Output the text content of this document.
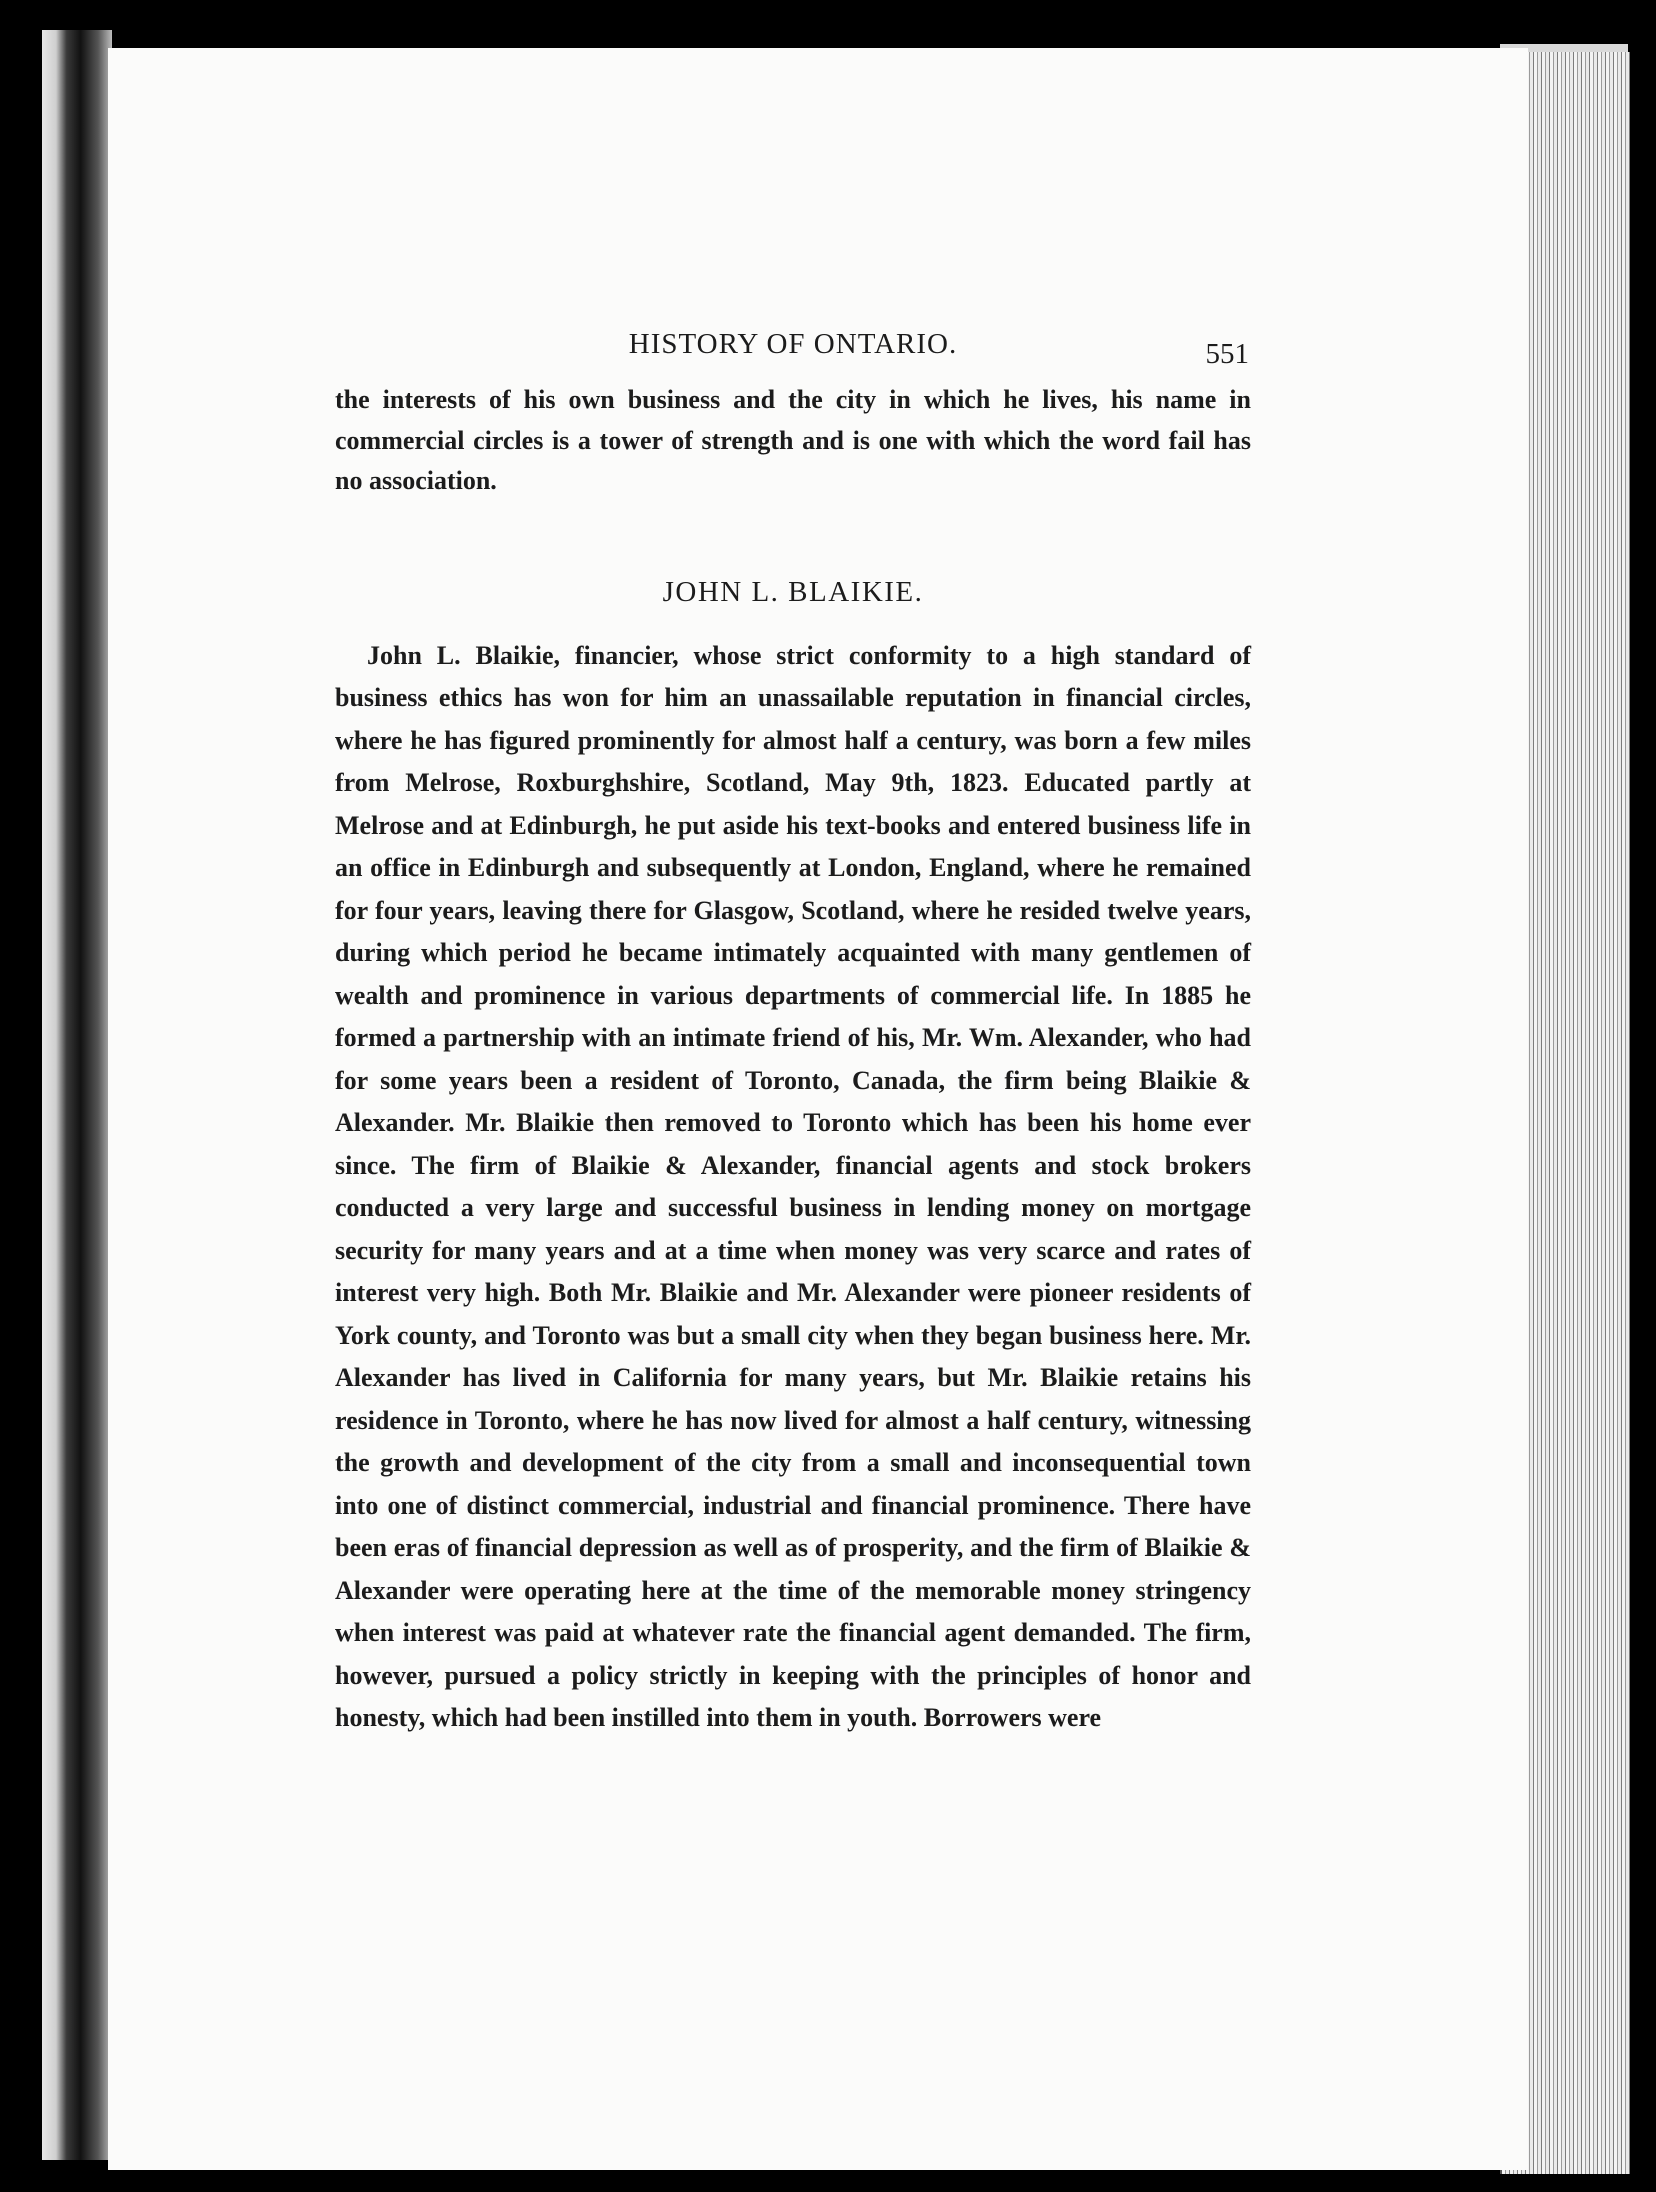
HISTORY OF ONTARIO.	551

the interests of his own business and the city in which he lives, his name in commercial circles is a tower of strength and is one with which the word fail has no association.

JOHN L. BLAIKIE.

John L. Blaikie, financier, whose strict conformity to a high standard of business ethics has won for him an unassailable reputation in financial circles, where he has figured prominently for almost half a century, was born a few miles from Melrose, Roxburghshire, Scotland, May 9th, 1823. Educated partly at Melrose and at Edinburgh, he put aside his text-books and entered business life in an office in Edinburgh and subsequently at London, England, where he remained for four years, leaving there for Glasgow, Scotland, where he resided twelve years, during which period he became intimately acquainted with many gentlemen of wealth and prominence in various departments of commercial life. In 1885 he formed a partnership with an intimate friend of his, Mr. Wm. Alexander, who had for some years been a resident of Toronto, Canada, the firm being Blaikie & Alexander. Mr. Blaikie then removed to Toronto which has been his home ever since. The firm of Blaikie & Alexander, financial agents and stock brokers conducted a very large and successful business in lending money on mortgage security for many years and at a time when money was very scarce and rates of interest very high. Both Mr. Blaikie and Mr. Alexander were pioneer residents of York county, and Toronto was but a small city when they began business here. Mr. Alexander has lived in California for many years, but Mr. Blaikie retains his residence in Toronto, where he has now lived for almost a half century, witnessing the growth and development of the city from a small and inconsequential town into one of distinct commercial, industrial and financial prominence. There have been eras of financial depression as well as of prosperity, and the firm of Blaikie & Alexander were operating here at the time of the memorable money stringency when interest was paid at whatever rate the financial agent demanded. The firm, however, pursued a policy strictly in keeping with the principles of honor and honesty, which had been instilled into them in youth. Borrowers were
